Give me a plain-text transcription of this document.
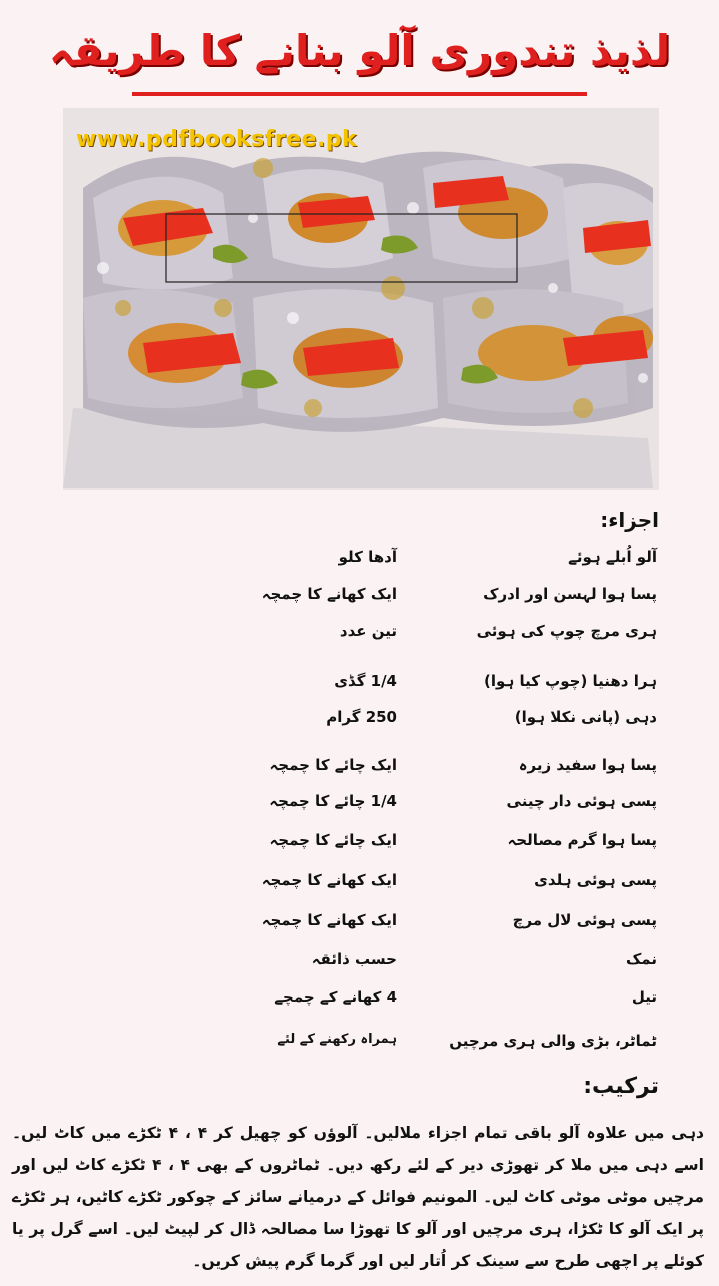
لذیذ تندوری آلو بنانے کا طریقہ
www.pdfbooksfree.pk
اجزاء:
آلو اُبلے ہوئے
آدھا کلو
پسا ہوا لہسن اور ادرک
ایک کھانے کا چمچہ
ہری مرچ چوپ کی ہوئی
تین عدد
ہرا دھنیا (چوپ کیا ہوا)
1/4 گڈی
دہی (پانی نکلا ہوا)
250 گرام
پسا ہوا سفید زیرہ
ایک چائے کا چمچہ
پسی ہوئی دار چینی
1/4 چائے کا چمچہ
پسا ہوا گرم مصالحہ
ایک چائے کا چمچہ
پسی ہوئی ہلدی
ایک کھانے کا چمچہ
پسی ہوئی لال مرچ
ایک کھانے کا چمچہ
نمک
حسب ذائقہ
تیل
4 کھانے کے چمچے
ٹماٹر، بڑی والی ہری مرچیں
ہمراہ رکھنے کے لئے
ترکیب:
دہی میں علاوہ آلو باقی تمام اجزاء ملالیں۔ آلوؤں کو چھیل کر ۴ ، ۴ ٹکڑے میں کاٹ لیں۔ اسے دہی میں ملا کر تھوڑی دیر کے لئے رکھ دیں۔ ٹماٹروں کے بھی ۴ ، ۴ ٹکڑے کاٹ لیں اور مرچیں موٹی موٹی کاٹ لیں۔ المونیم فوائل کے درمیانے سائز کے چوکور ٹکڑے کاٹیں، ہر ٹکڑے پر ایک آلو کا ٹکڑا، ہری مرچیں اور آلو کا تھوڑا سا مصالحہ ڈال کر لپیٹ لیں۔ اسے گرل پر یا کوئلے پر اچھی طرح سے سینک کر اُتار لیں اور گرما گرم پیش کریں۔
